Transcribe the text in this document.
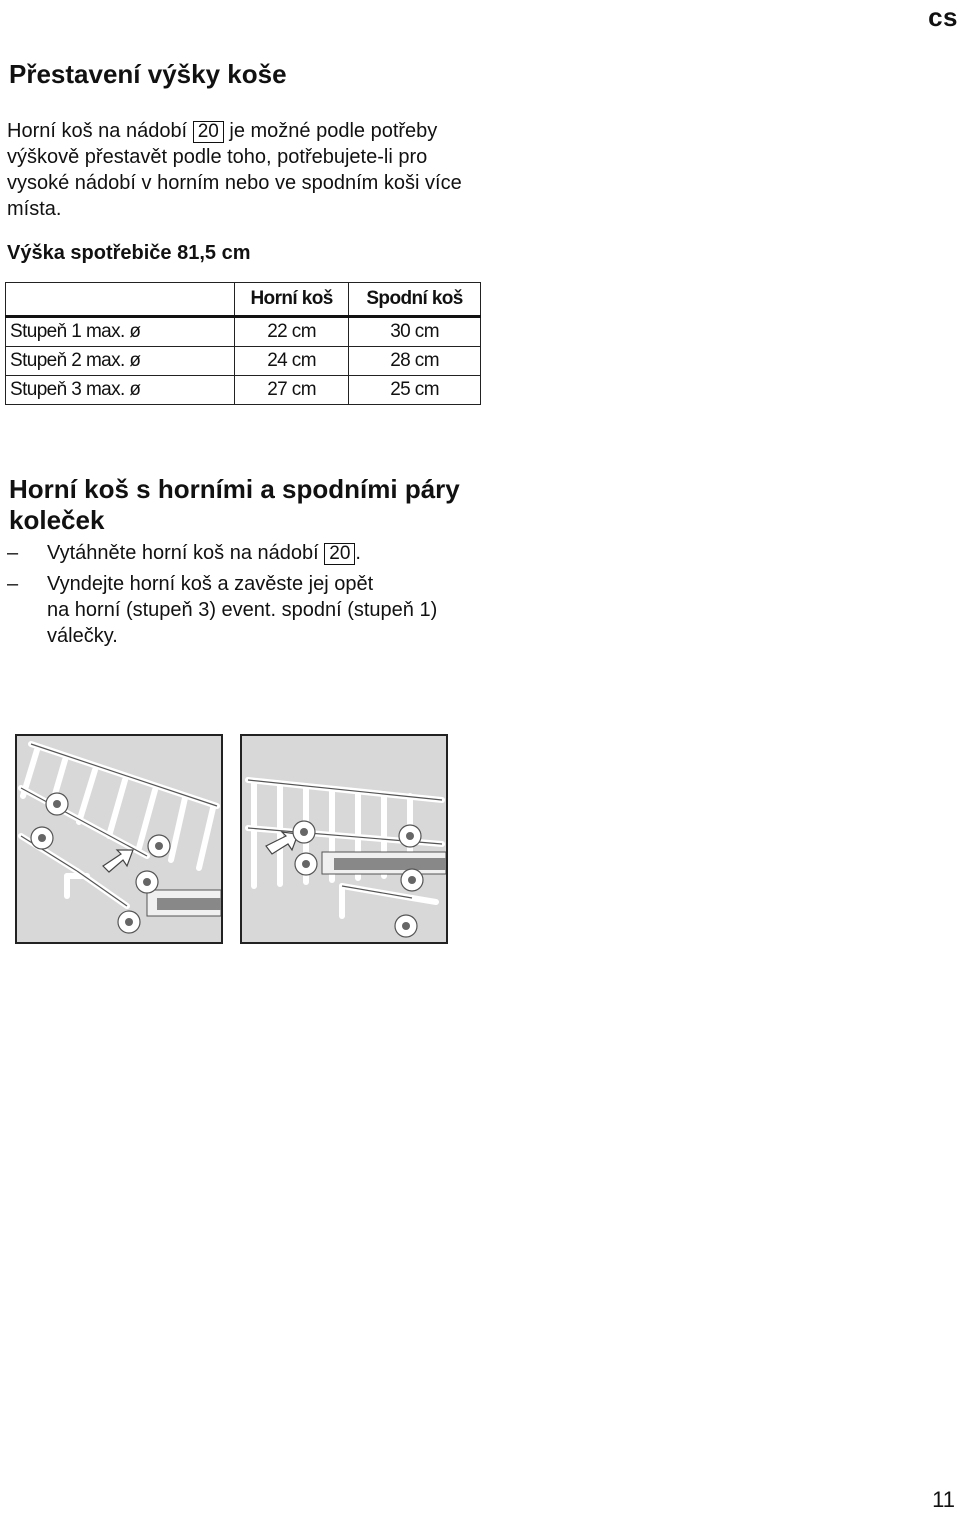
cs
Přestavení výšky koše
Horní koš na nádobí 20 je možné podle potřeby výškově přestavět podle toho, potřebujete-li pro vysoké nádobí v horním nebo ve spodním koši více místa.
Výška spotřebiče 81,5 cm
	Horní koš	Spodní koš
Stupeň 1 max. ø	22 cm	30 cm
Stupeň 2 max. ø	24 cm	28 cm
Stupeň 3 max. ø	27 cm	25 cm
Horní koš s horními a spodními páry koleček
– Vytáhněte horní koš na nádobí 20 .
– Vyndejte horní koš a zavěste jej opět
na horní (stupeň 3) event. spodní (stupeň 1) válečky.
11
